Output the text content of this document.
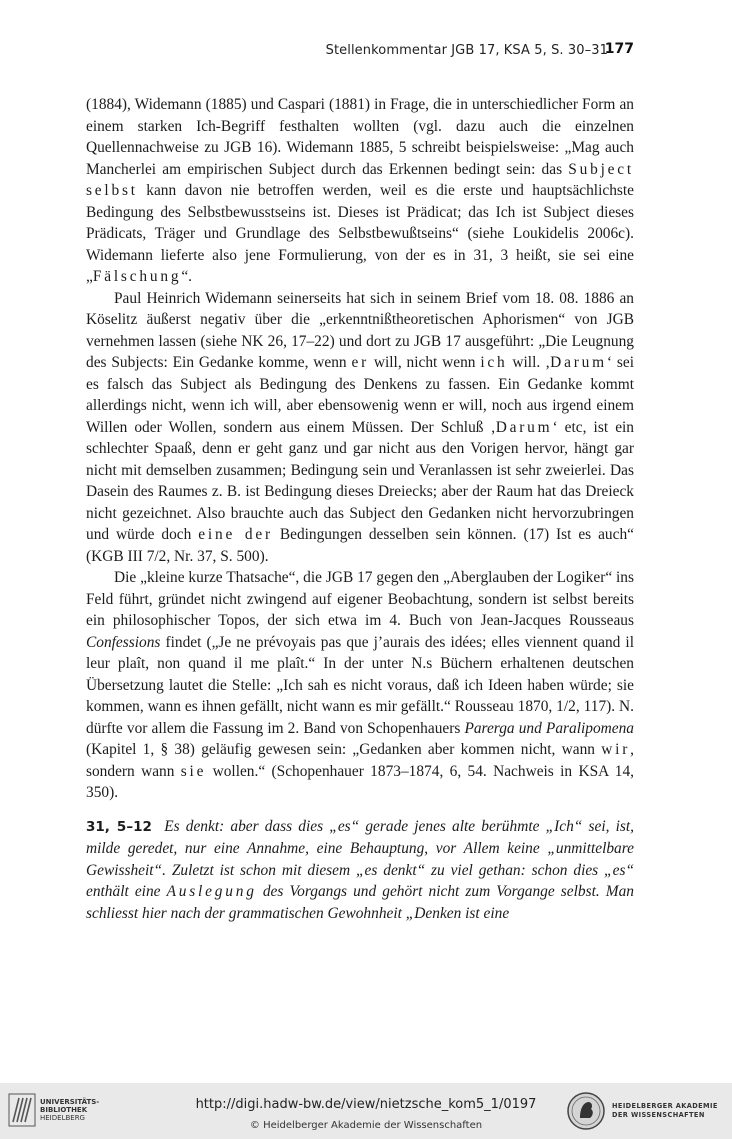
Stellenkommentar JGB 17, KSA 5, S. 30–31
177

(1884), Widemann (1885) und Caspari (1881) in Frage, die in unterschiedlicher Form an einem starken Ich-Begriff festhalten wollten (vgl. dazu auch die einzelnen Quellennachweise zu JGB 16). Widemann 1885, 5 schreibt beispielsweise: „Mag auch Mancherlei am empirischen Subject durch das Erkennen bedingt sein: das Subject selbst kann davon nie betroffen werden, weil es die erste und hauptsächlichste Bedingung des Selbstbewusstseins ist. Dieses ist Prädicat; das Ich ist Subject dieses Prädicats, Träger und Grundlage des Selbstbewußtseins“ (siehe Loukidelis 2006c). Widemann lieferte also jene Formulierung, von der es in 31, 3 heißt, sie sei eine „Fälschung“.

Paul Heinrich Widemann seinerseits hat sich in seinem Brief vom 18. 08. 1886 an Köselitz äußerst negativ über die „erkenntnißtheoretischen Aphorismen“ von JGB vernehmen lassen (siehe NK 26, 17–22) und dort zu JGB 17 ausgeführt: „Die Leugnung des Subjects: Ein Gedanke komme, wenn er will, nicht wenn ich will. ‚Darum‘ sei es falsch das Subject als Bedingung des Denkens zu fassen. Ein Gedanke kommt allerdings nicht, wenn ich will, aber ebensowenig wenn er will, noch aus irgend einem Willen oder Wollen, sondern aus einem Müssen. Der Schluß ‚Darum‘ etc, ist ein schlechter Spaaß, denn er geht ganz und gar nicht aus den Vorigen hervor, hängt gar nicht mit demselben zusammen; Bedingung sein und Veranlassen ist sehr zweierlei. Das Dasein des Raumes z. B. ist Bedingung dieses Dreiecks; aber der Raum hat das Dreieck nicht gezeichnet. Also brauchte auch das Subject den Gedanken nicht hervorzubringen und würde doch eine der Bedingungen desselben sein können. (17) Ist es auch“ (KGB III 7/2, Nr. 37, S. 500).

Die „kleine kurze Thatsache“, die JGB 17 gegen den „Aberglauben der Logiker“ ins Feld führt, gründet nicht zwingend auf eigener Beobachtung, sondern ist selbst bereits ein philosophischer Topos, der sich etwa im 4. Buch von Jean-Jacques Rousseaus Confessions findet („Je ne prévoyais pas que j’aurais des idées; elles viennent quand il leur plaît, non quand il me plaît.“ In der unter N.s Büchern erhaltenen deutschen Übersetzung lautet die Stelle: „Ich sah es nicht voraus, daß ich Ideen haben würde; sie kommen, wann es ihnen gefällt, nicht wann es mir gefällt.“ Rousseau 1870, 1/2, 117). N. dürfte vor allem die Fassung im 2. Band von Schopenhauers Parerga und Paralipomena (Kapitel 1, § 38) geläufig gewesen sein: „Gedanken aber kommen nicht, wann wir, sondern wann sie wollen.“ (Schopenhauer 1873–1874, 6, 54. Nachweis in KSA 14, 350).

31, 5–12 Es denkt: aber dass dies „es“ gerade jenes alte berühmte „Ich“ sei, ist, milde geredet, nur eine Annahme, eine Behauptung, vor Allem keine „unmittelbare Gewissheit“. Zuletzt ist schon mit diesem „es denkt“ zu viel gethan: schon dies „es“ enthält eine Auslegung des Vorgangs und gehört nicht zum Vorgange selbst. Man schliesst hier nach der grammatischen Gewohnheit „Denken ist eine

UNIVERSITÄTS-
BIBLIOTHEK
HEIDELBERG
http://digi.hadw-bw.de/view/nietzsche_kom5_1/0197
© Heidelberger Akademie der Wissenschaften
HEIDELBERGER AKADEMIE
DER WISSENSCHAFTEN
